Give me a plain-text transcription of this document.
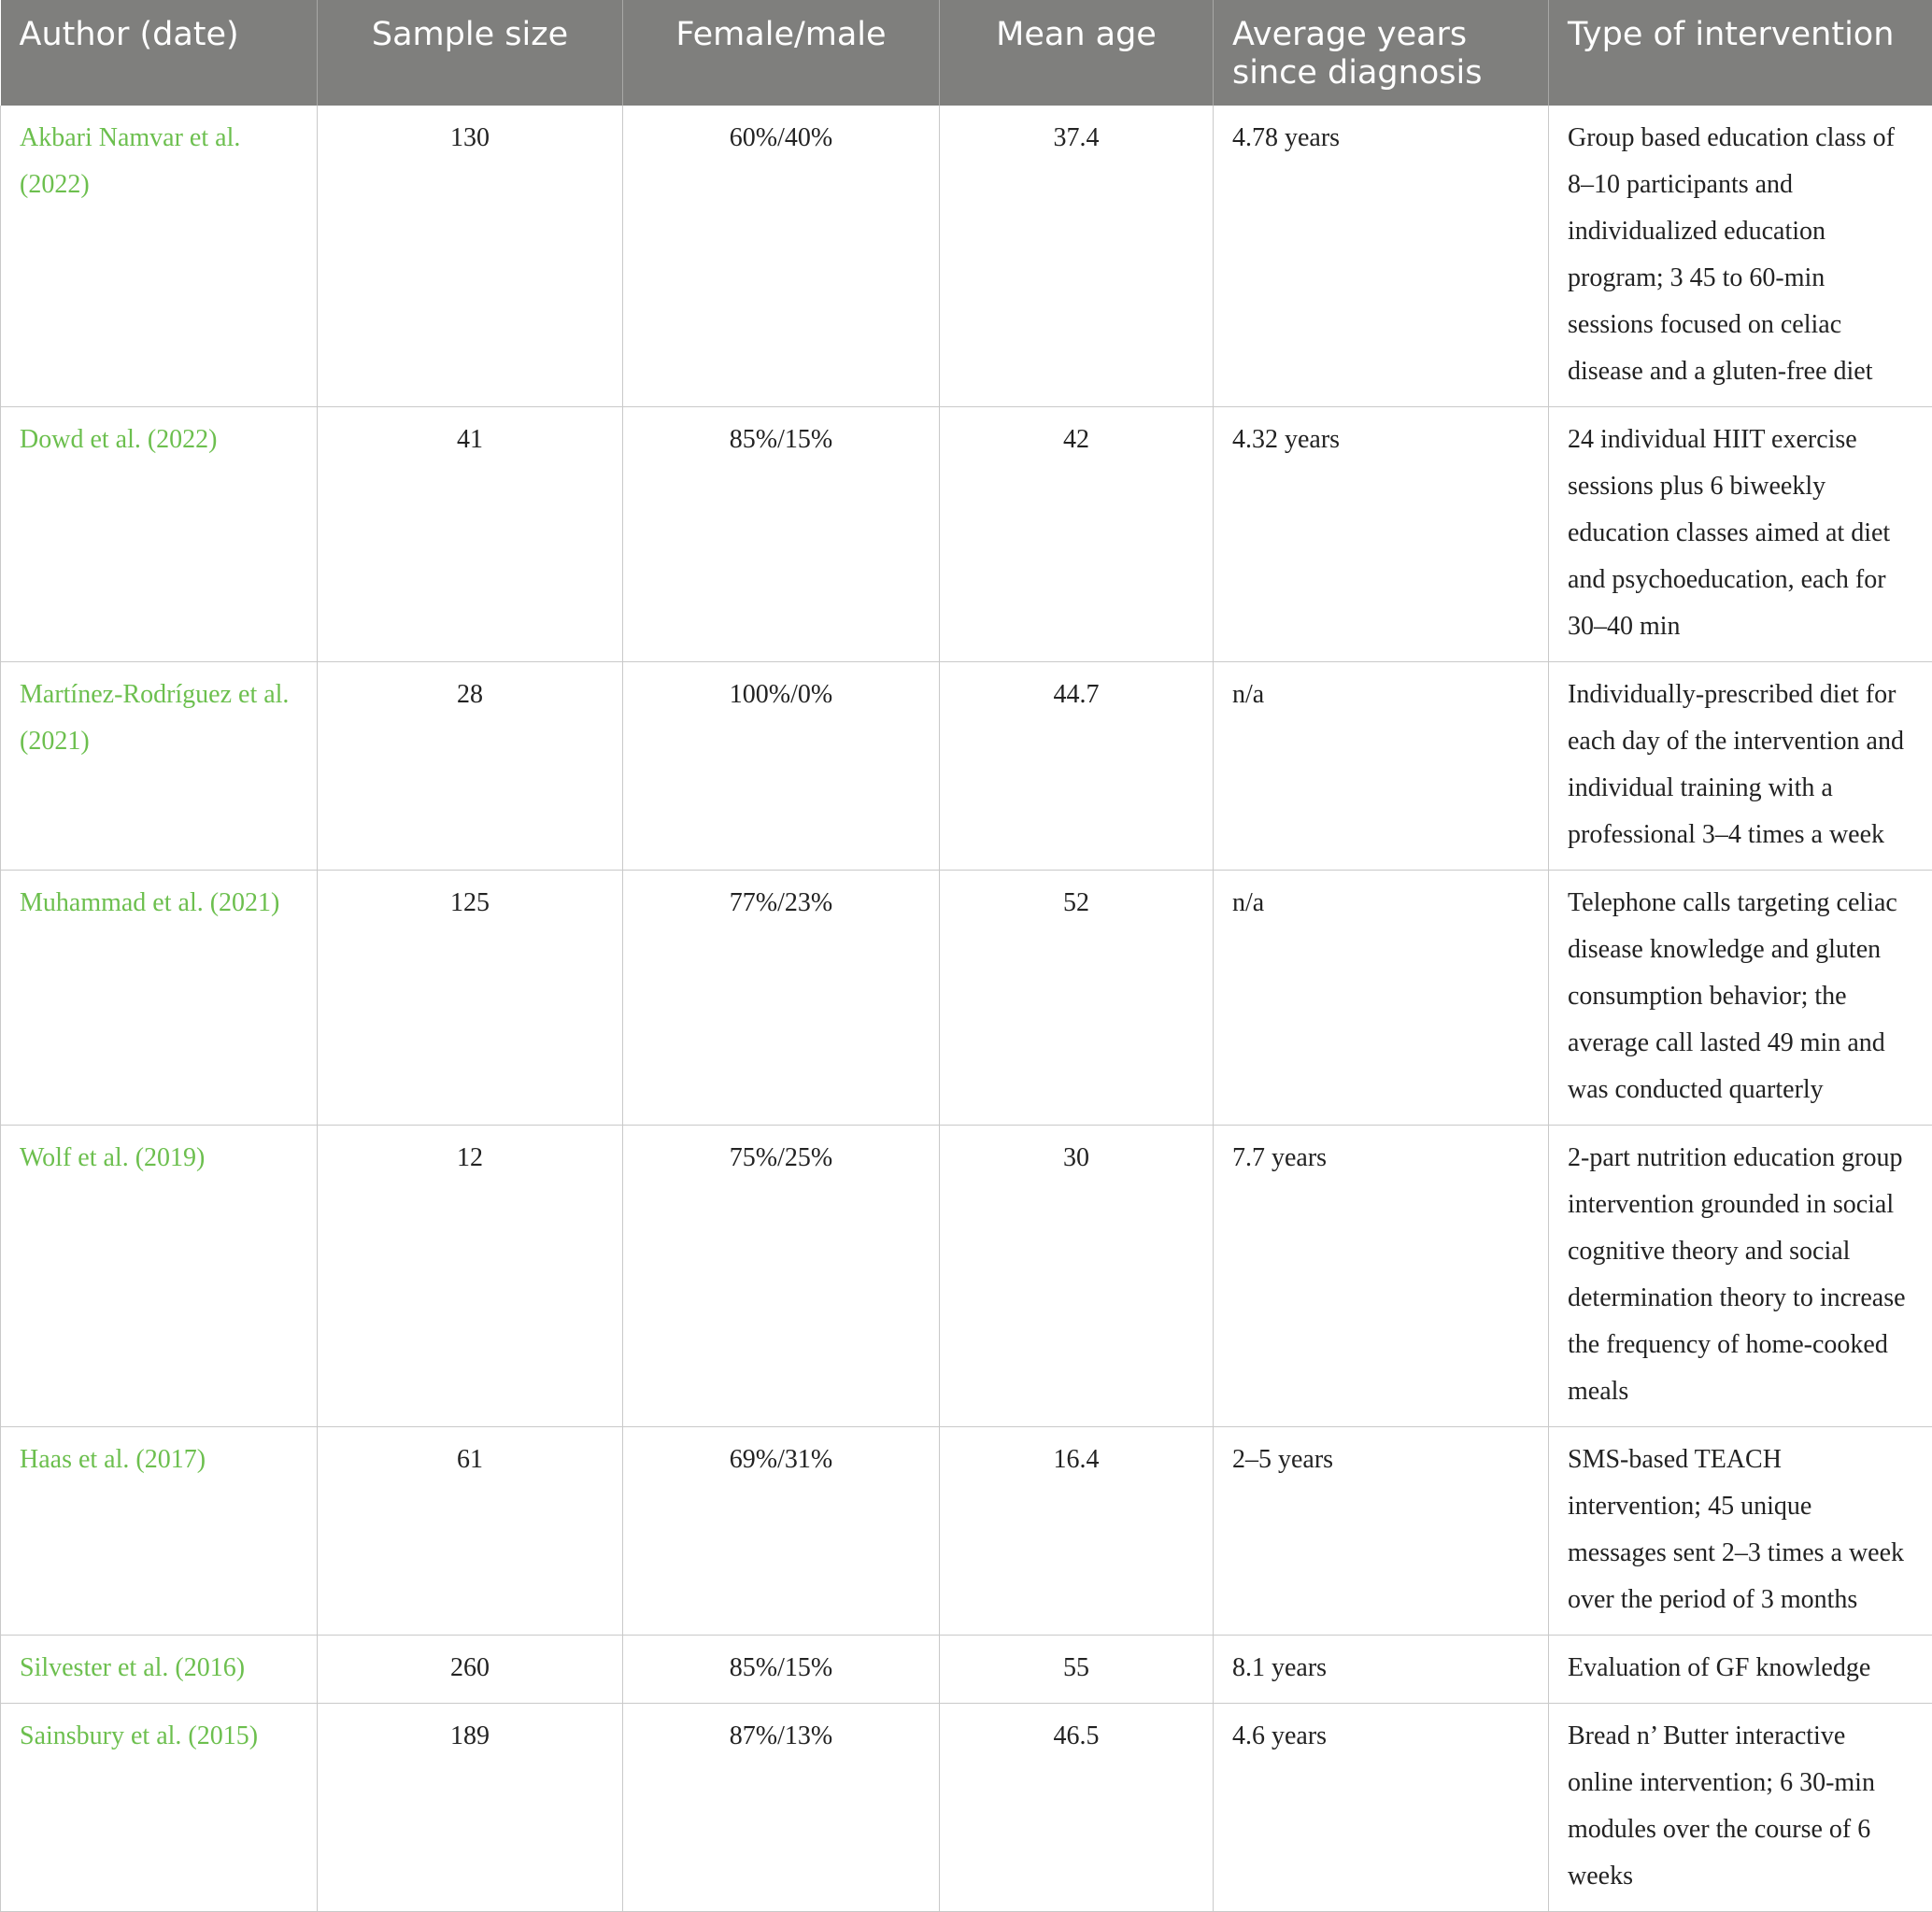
Author (date)	Sample size	Female/male	Mean age	Average years since diagnosis	Type of intervention
Akbari Namvar et al. (2022)	130	60%/40%	37.4	4.78 years	Group based education class of 8–10 participants and individualized education program; 3 45 to 60-min sessions focused on celiac disease and a gluten-free diet
Dowd et al. (2022)	41	85%/15%	42	4.32 years	24 individual HIIT exercise sessions plus 6 biweekly education classes aimed at diet and psychoeducation, each for 30–40 min
Martínez-Rodríguez et al. (2021)	28	100%/0%	44.7	n/a	Individually-prescribed diet for each day of the intervention and individual training with a professional 3–4 times a week
Muhammad et al. (2021)	125	77%/23%	52	n/a	Telephone calls targeting celiac disease knowledge and gluten consumption behavior; the average call lasted 49 min and was conducted quarterly
Wolf et al. (2019)	12	75%/25%	30	7.7 years	2-part nutrition education group intervention grounded in social cognitive theory and social determination theory to increase the frequency of home-cooked meals
Haas et al. (2017)	61	69%/31%	16.4	2–5 years	SMS-based TEACH intervention; 45 unique messages sent 2–3 times a week over the period of 3 months
Silvester et al. (2016)	260	85%/15%	55	8.1 years	Evaluation of GF knowledge
Sainsbury et al. (2015)	189	87%/13%	46.5	4.6 years	Bread n’ Butter interactive online intervention; 6 30-min modules over the course of 6 weeks
